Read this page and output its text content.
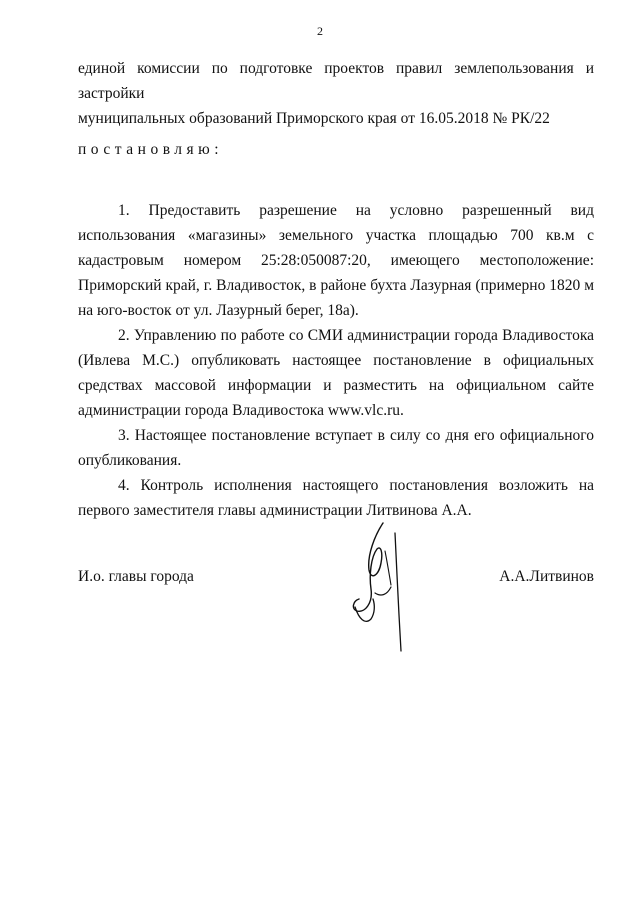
2

единой комиссии по подготовке проектов правил землепользования и застройки

муниципальных образований Приморского края от 16.05.2018 № РК/22

постановляю:

1. Предоставить разрешение на условно разрешенный вид использования «магазины» земельного участка площадью 700 кв.м с кадастровым номером 25:28:050087:20, имеющего местоположение: Приморский край, г. Владивосток, в районе бухта Лазурная (примерно 1820 м на юго-восток от ул. Лазурный берег, 18а).

2. Управлению по работе со СМИ администрации города Владивостока (Ивлева М.С.) опубликовать настоящее постановление в официальных средствах массовой информации и разместить на официальном сайте администрации города Владивостока www.vlc.ru.

3. Настоящее постановление вступает в силу со дня его официального опубликования.

4. Контроль исполнения настоящего постановления возложить на первого заместителя главы администрации Литвинова А.А.

И.о. главы города	А.А.Литвинов
